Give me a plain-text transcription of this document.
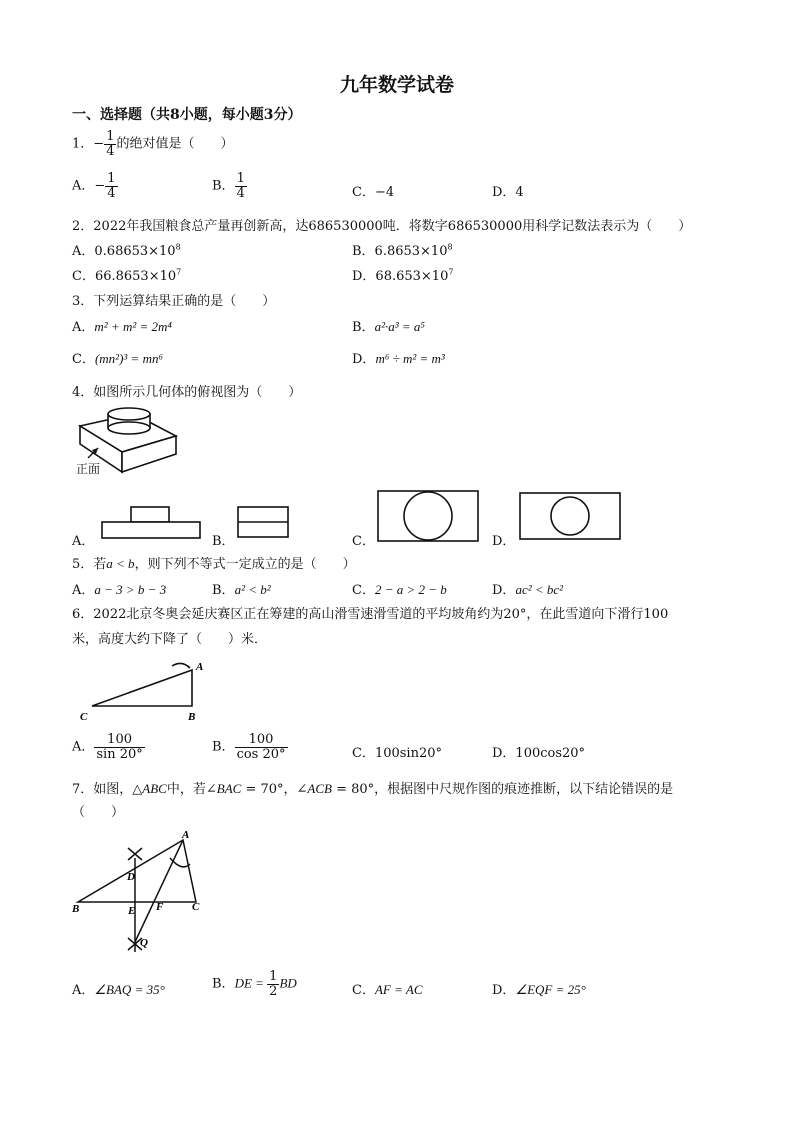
九年数学试卷
一、选择题（共8小题，每小题3分）
1．− $\frac{1}{4}$ 的绝对值是（　　）
A．− $\frac{1}{4}$	B． $\frac{1}{4}$	C．−4	D．4
2．2022年我国粮食总产量再创新高，达686530000吨．将数字686530000用科学记数法表示为（　　）
A．$0.68653\times 10^8$	B．$6.8653\times 10^8$
C．$66.8653\times 10^7$	D．$68.653\times 10^7$
3．下列运算结果正确的是（　　）
A．m² + m² = 2m⁴	B．a²·a³ = a⁵
C．(mn²)³ = mn⁶	D．m⁶ ÷ m² = m³
4．如图所示几何体的俯视图为（　　）
正面
A．	B．	C．	D．
5．若a < b，则下列不等式一定成立的是（　　）
A．a − 3 > b − 3	B．a² < b²	C．2 − a > 2 − b	D．ac² < bc²
6．2022北京冬奥会延庆赛区正在筹建的高山滑雪速滑雪道的平均坡角约为20°，在此雪道向下滑行100
米，高度大约下降了（　　）米．
C	B
A
A． $\frac{100}{\sin 20^\circ}$	B． $\frac{100}{\cos 20^\circ}$	C．100sin20°	D．100cos20°
7．如图，△ABC中，若∠BAC = 70°，∠ACB = 80°，根据图中尺规作图的痕迹推断，以下结论错误的是
（　　）
B
A
C
D
E F
Q
A．∠BAQ = 35°	B．DE = $\frac{1}{2}$ BD	C．AF = AC	D．∠EQF = 25°
